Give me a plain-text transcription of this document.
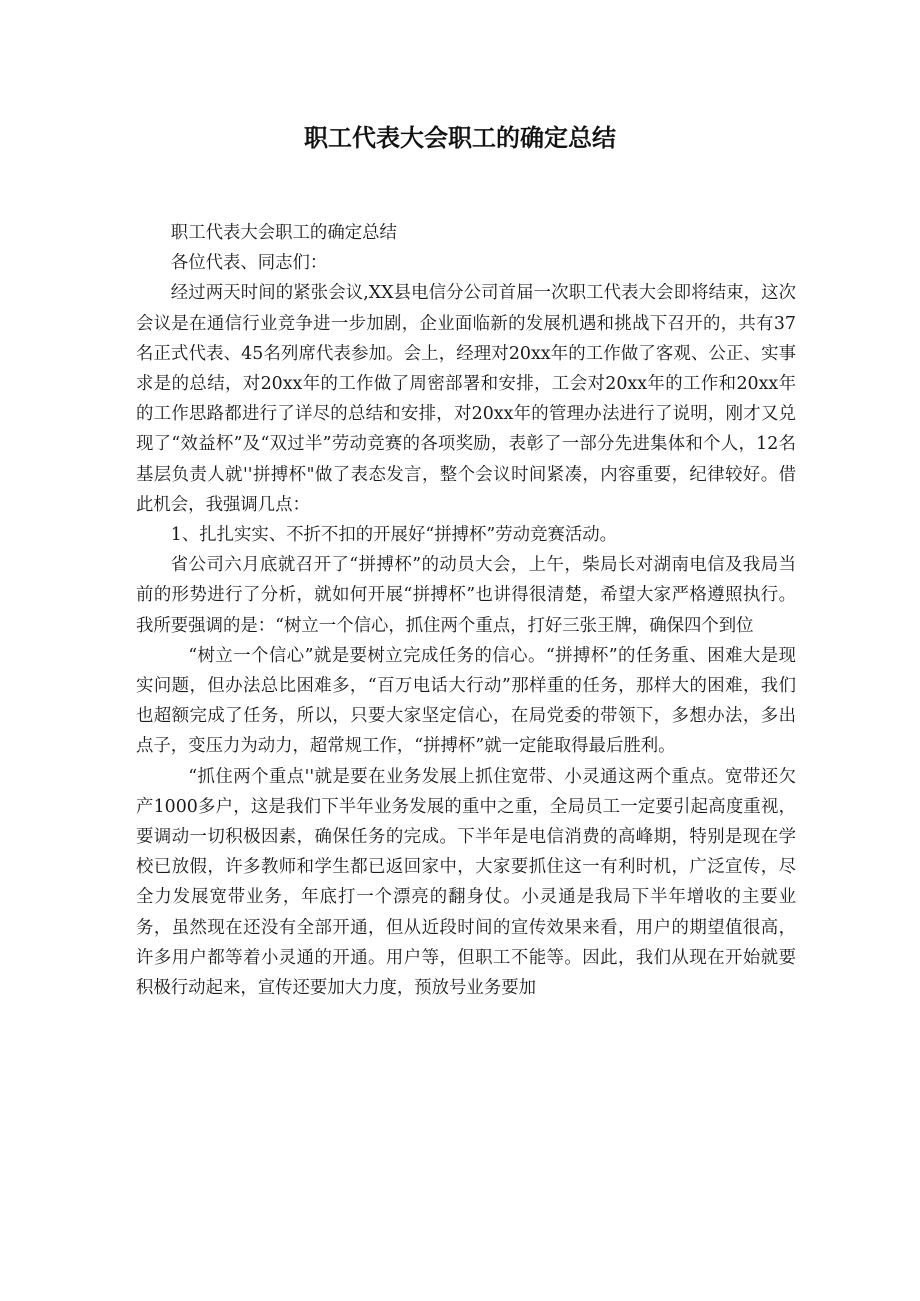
职工代表大会职工的确定总结

职工代表大会职工的确定总结

各位代表、同志们：

经过两天时间的紧张会议,XX县电信分公司首届一次职工代表大会即将结束，这次会议是在通信行业竞争进一步加剧，企业面临新的发展机遇和挑战下召开的，共有37名正式代表、45名列席代表参加。会上，经理对20xx年的工作做了客观、公正、实事求是的总结，对20xx年的工作做了周密部署和安排，工会对20xx年的工作和20xx年的工作思路都进行了详尽的总结和安排，对20xx年的管理办法进行了说明，刚才又兑现了“效益杯”及“双过半”劳动竞赛的各项奖励，表彰了一部分先进集体和个人，12名基层负责人就''拼搏杯"做了表态发言，整个会议时间紧凑，内容重要，纪律较好。借此机会，我强调几点：

1、扎扎实实、不折不扣的开展好“拼搏杯”劳动竞赛活动。

省公司六月底就召开了“拼搏杯”的动员大会，上午，柴局长对湖南电信及我局当前的形势进行了分析，就如何开展“拼搏杯”也讲得很清楚，希望大家严格遵照执行。我所要强调的是：“树立一个信心，抓住两个重点，打好三张王牌，确保四个到位

“树立一个信心”就是要树立完成任务的信心。“拼搏杯”的任务重、困难大是现实问题，但办法总比困难多，“百万电话大行动”那样重的任务，那样大的困难，我们也超额完成了任务，所以，只要大家坚定信心，在局党委的带领下，多想办法，多出点子，变压力为动力，超常规工作，“拼搏杯”就一定能取得最后胜利。

“抓住两个重点''就是要在业务发展上抓住宽带、小灵通这两个重点。宽带还欠产1000多户，这是我们下半年业务发展的重中之重，全局员工一定要引起高度重视，要调动一切积极因素，确保任务的完成。下半年是电信消费的高峰期，特别是现在学校已放假，许多教师和学生都已返回家中，大家要抓住这一有利时机，广泛宣传，尽全力发展宽带业务，年底打一个漂亮的翻身仗。小灵通是我局下半年增收的主要业务，虽然现在还没有全部开通，但从近段时间的宣传效果来看，用户的期望值很高，许多用户都等着小灵通的开通。用户等，但职工不能等。因此，我们从现在开始就要积极行动起来，宣传还要加大力度，预放号业务要加
